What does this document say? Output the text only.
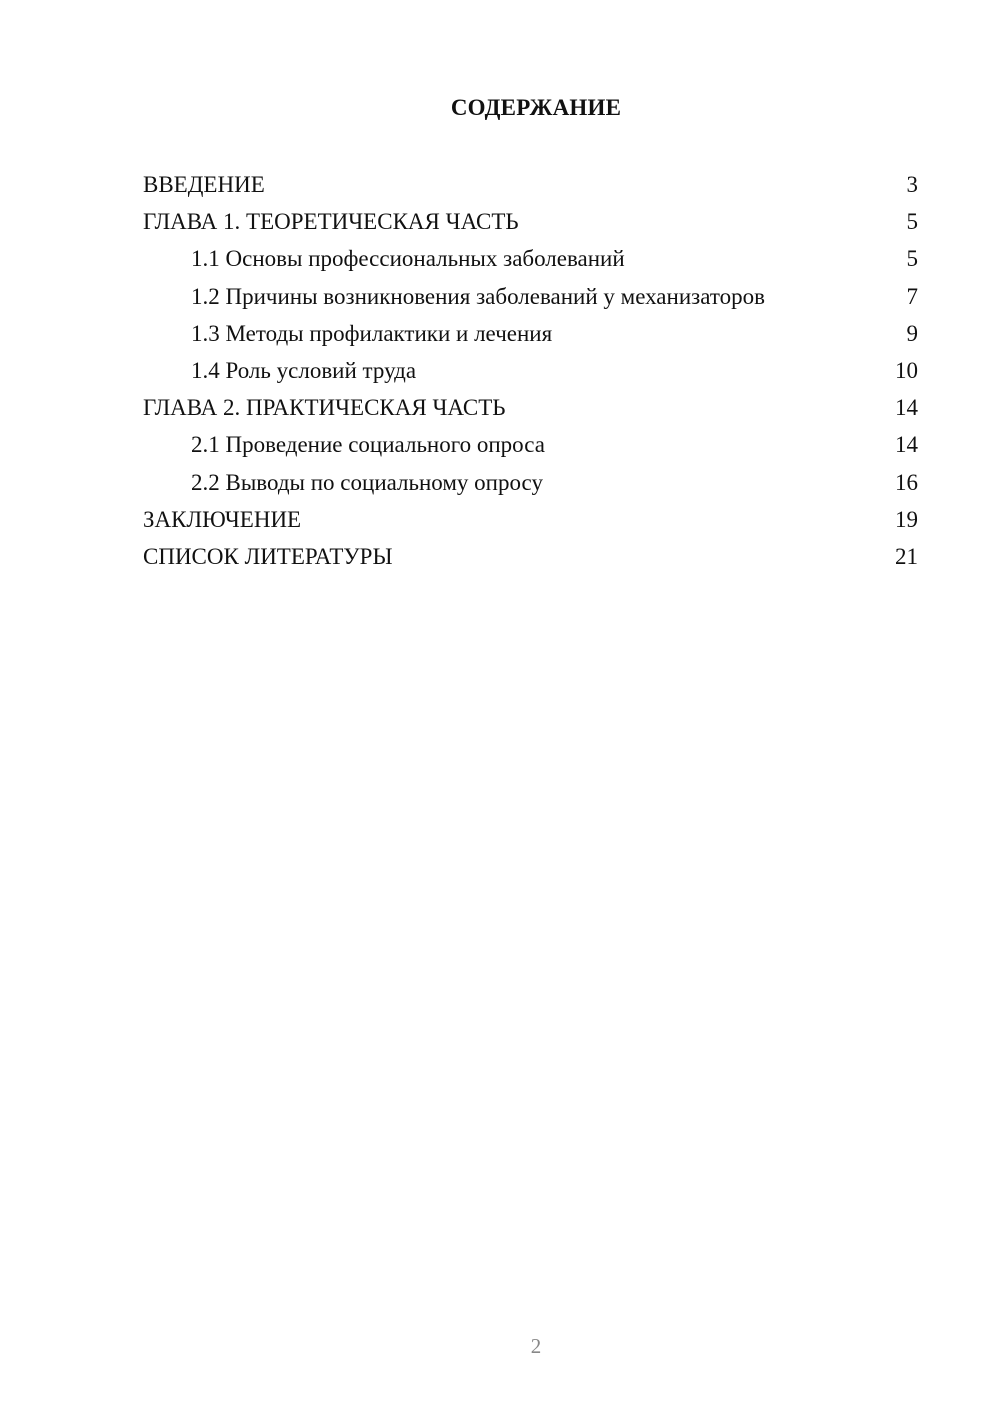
СОДЕРЖАНИЕ
ВВЕДЕНИЕ	3
ГЛАВА 1. ТЕОРЕТИЧЕСКАЯ ЧАСТЬ	5
1.1 Основы профессиональных заболеваний	5
1.2 Причины возникновения заболеваний у механизаторов	7
1.3 Методы профилактики и лечения	9
1.4 Роль условий труда	10
ГЛАВА 2. ПРАКТИЧЕСКАЯ ЧАСТЬ	14
2.1 Проведение социального опроса	14
2.2 Выводы по социальному опросу	16
ЗАКЛЮЧЕНИЕ	19
СПИСОК ЛИТЕРАТУРЫ	21
2
